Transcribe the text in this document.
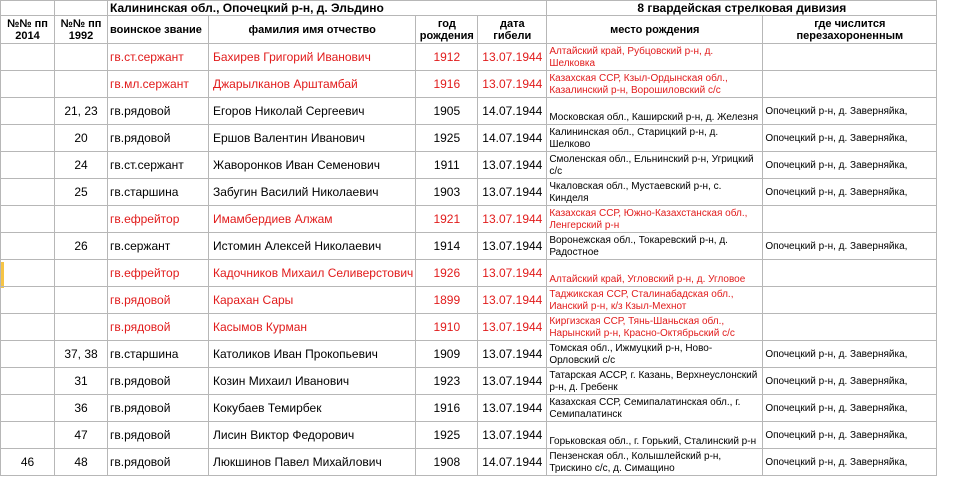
		Калининская обл., Опочецкий р-н, д. Эльдино				8 гвардейская стрелковая дивизия	
№№ пп 2014	№№ пп 1992	воинское звание	фамилия имя отчество	год рождения	дата гибели	место рождения	где числится перезахороненным
		гв.ст.сержант	Бахирев Григорий Иванович	1912	13.07.1944	Алтайский край, Рубцовский р-н, д. Шелковка	
		гв.мл.сержант	Джарылканов Арштамбай	1916	13.07.1944	Казахская ССР, Кзыл-Ордынская обл., Казалинский р-н, Ворошиловский с/с	
	21, 23	гв.рядовой	Егоров Николай Сергеевич	1905	14.07.1944	Московская обл., Каширский р-н, д. Железня	Опочецкий р-н, д. Заверняйка,
	20	гв.рядовой	Ершов Валентин Иванович	1925	14.07.1944	Калининская обл., Старицкий р-н, д. Шелково	Опочецкий р-н, д. Заверняйка,
	24	гв.ст.сержант	Жаворонков Иван Семенович	1911	13.07.1944	Смоленская обл., Ельнинский р-н, Угрицкий с/с	Опочецкий р-н, д. Заверняйка,
	25	гв.старшина	Забугин Василий Николаевич	1903	13.07.1944	Чкаловская обл., Мустаевский р-н, с. Кинделя	Опочецкий р-н, д. Заверняйка,
		гв.ефрейтор	Имамбердиев Алжам	1921	13.07.1944	Казахская ССР, Южно-Казахстанская обл., Ленгерский р-н	
	26	гв.сержант	Истомин Алексей Николаевич	1914	13.07.1944	Воронежская обл., Токаревский р-н, д. Радостное	Опочецкий р-н, д. Заверняйка,
		гв.ефрейтор	Кадочников Михаил Селиверстович	1926	13.07.1944	Алтайский край, Угловский р-н, д. Угловое	
		гв.рядовой	Карахан Сары	1899	13.07.1944	Таджикская ССР, Сталинабадская обл., Ианский р-н, к/з Кзыл-Мехнот	
		гв.рядовой	Касымов Курман	1910	13.07.1944	Киргизская ССР, Тянь-Шаньская обл., Нарынский р-н, Красно-Октябрьский с/с	
	37, 38	гв.старшина	Католиков Иван Прокопьевич	1909	13.07.1944	Томская обл., Ижмуцкий р-н, Ново-Орловский с/с	Опочецкий р-н, д. Заверняйка,
	31	гв.рядовой	Козин Михаил Иванович	1923	13.07.1944	Татарская АССР, г. Казань, Верхнеуслонский р-н, д. Гребенк	Опочецкий р-н, д. Заверняйка,
	36	гв.рядовой	Кокубаев Темирбек	1916	13.07.1944	Казахская ССР, Семипалатинская обл., г. Семипалатинск	Опочецкий р-н, д. Заверняйка,
	47	гв.рядовой	Лисин Виктор Федорович	1925	13.07.1944	Горьковская обл., г. Горький, Сталинский р-н	Опочецкий р-н, д. Заверняйка,
46	48	гв.рядовой	Люкшинов Павел Михайлович	1908	14.07.1944	Пензенская обл., Колышлейский р-н, Трискино с/с, д. Симащино	Опочецкий р-н, д. Заверняйка,
